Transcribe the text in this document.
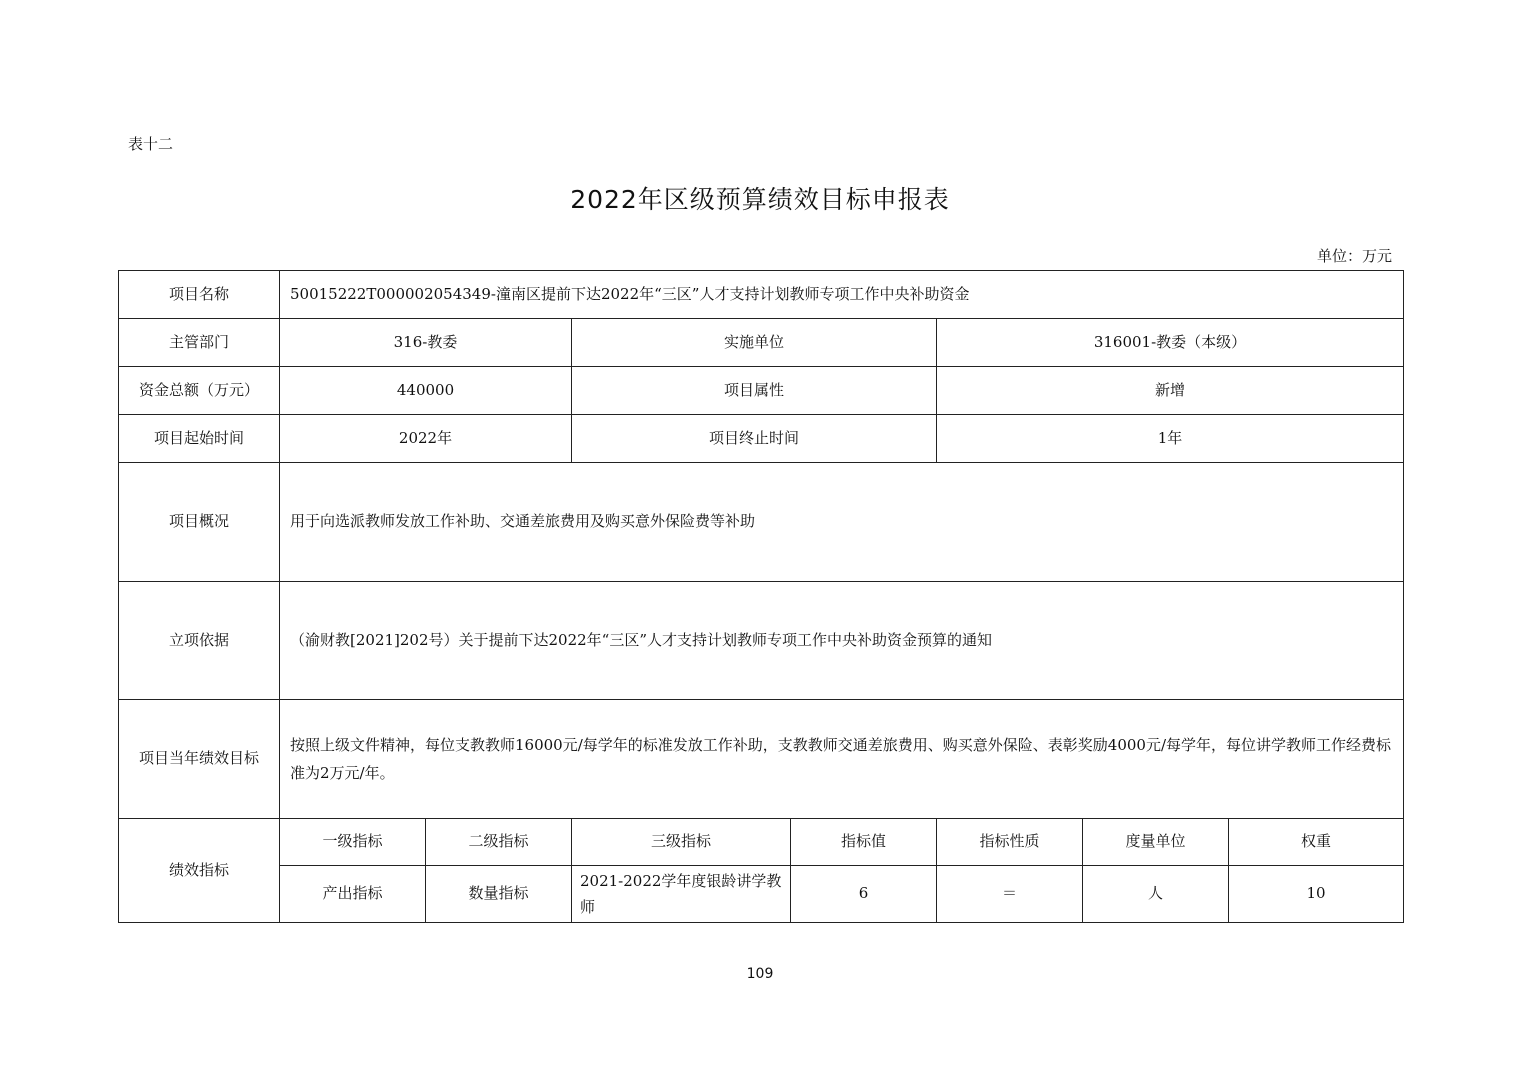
表十二
2022年区级预算绩效目标申报表
单位：万元
项目名称	50015222T000002054349-潼南区提前下达2022年“三区”人才支持计划教师专项工作中央补助资金						
主管部门	316-教委		实施单位		316001-教委（本级）		
资金总额（万元）	440000		项目属性		新增		
项目起始时间	2022年		项目终止时间		1年		
项目概况	用于向选派教师发放工作补助、交通差旅费用及购买意外保险费等补助						
立项依据	（渝财教[2021]202号）关于提前下达2022年“三区”人才支持计划教师专项工作中央补助资金预算的通知						
项目当年绩效目标	按照上级文件精神，每位支教教师16000元/每学年的标准发放工作补助，支教教师交通差旅费用、购买意外保险、表彰奖励4000元/每学年，每位讲学教师工作经费标准为2万元/年。						
绩效指标	一级指标	二级指标	三级指标	指标值	指标性质	度量单位	权重
	产出指标	数量指标	2021-2022学年度银龄讲学教师	6	＝	人	10
109
